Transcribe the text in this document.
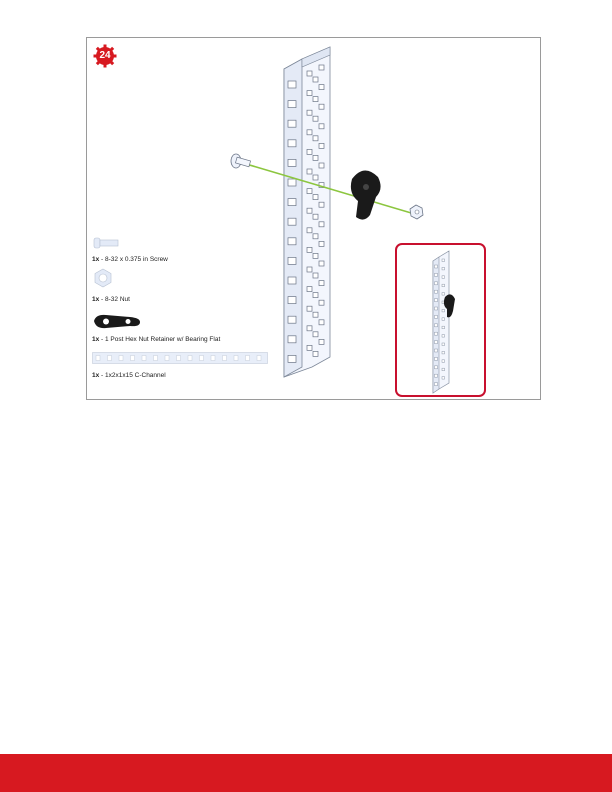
24
1x - 8-32 x 0.375 in Screw
1x - 8-32 Nut
1x - 1 Post Hex Nut Retainer w/ Bearing Flat
1x - 1x2x1x15 C-Channel
